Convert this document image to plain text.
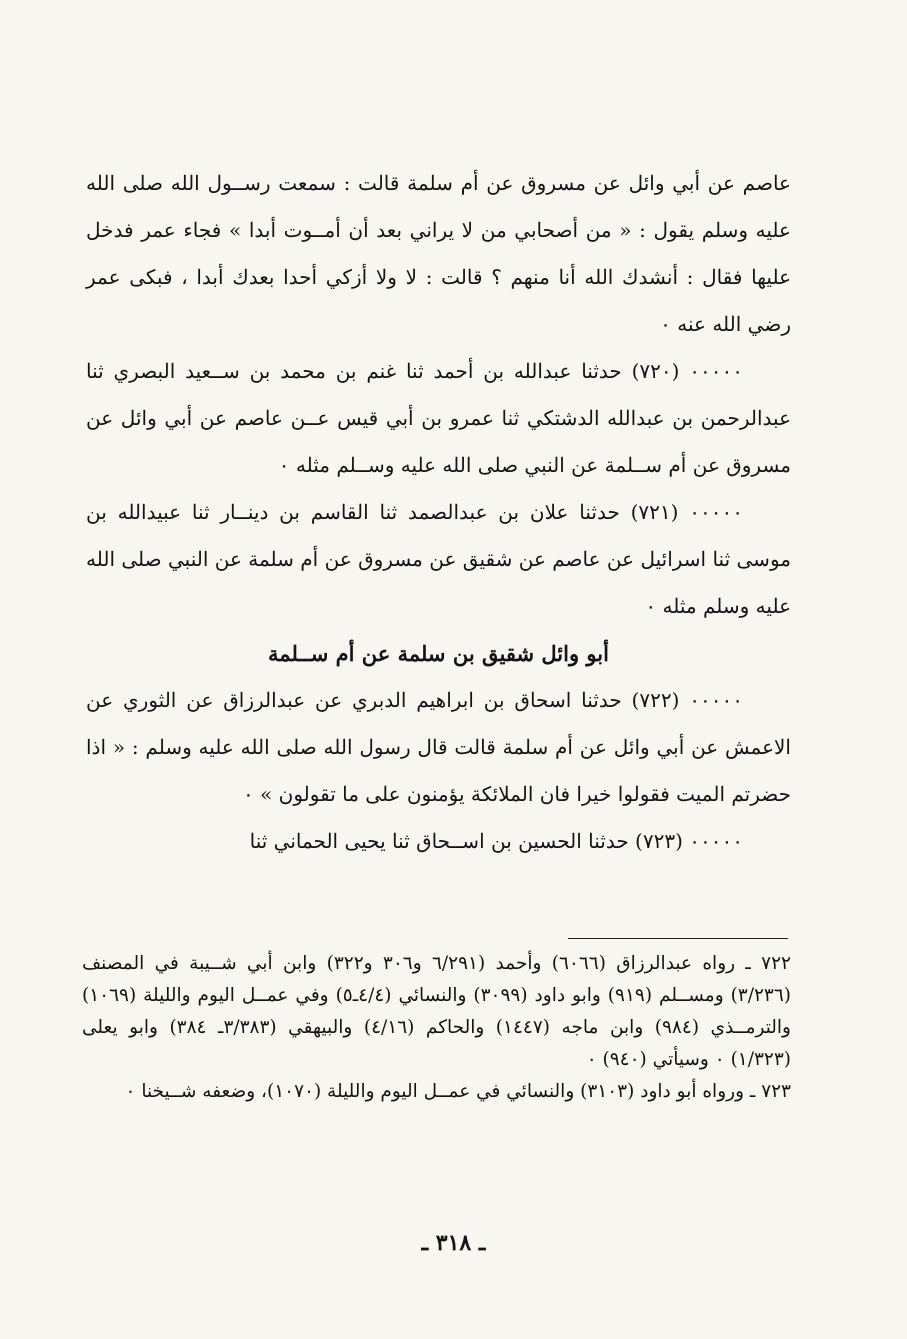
عاصم عن أبي وائل عن مسروق عن أم سلمة قالت : سمعت رســول الله صلى الله عليه وسلم يقول : « من أصحابي من لا يراني بعد أن أمــوت أبدا » فجاء عمر فدخل عليها فقال : أنشدك الله أنا منهم ؟ قالت : لا ولا أزكي أحدا بعدك أبدا ، فبكى عمر رضي الله عنه ٠

٠٠٠٠٠ (٧٢٠) حدثنا عبدالله بن أحمد ثنا غنم بن محمد بن ســعيد البصري ثنا عبدالرحمن بن عبدالله الدشتكي ثنا عمرو بن أبي قيس عــن عاصم عن أبي وائل عن مسروق عن أم ســلمة عن النبي صلى الله عليه وســلم مثله ٠

٠٠٠٠٠ (٧٢١) حدثنا علان بن عبدالصمد ثنا القاسم بن دينــار ثنا عبيدالله بن موسى ثنا اسرائيل عن عاصم عن شقيق عن مسروق عن أم سلمة عن النبي صلى الله عليه وسلم مثله ٠

أبو وائل شقيق بن سلمة عن أم ســلمة

٠٠٠٠٠ (٧٢٢) حدثنا اسحاق بن ابراهيم الدبري عن عبدالرزاق عن الثوري عن الاعمش عن أبي وائل عن أم سلمة قالت قال رسول الله صلى الله عليه وسلم : « اذا حضرتم الميت فقولوا خيرا فان الملائكة يؤمنون على ما تقولون » ٠

٠٠٠٠٠ (٧٢٣) حدثنا الحسين بن اســحاق ثنا يحيى الحماني ثنا

٧٢٢ ـ رواه عبدالرزاق (٦٠٦٦) وأحمد (٦/٢٩١ و٣٠٦ و٣٢٢) وابن أبي شــيبة في المصنف (٣/٢٣٦) ومســلم (٩١٩) وابو داود (٣٠٩٩) والنسائي (٤/٤ـ٥) وفي عمــل اليوم والليلة (١٠٦٩) والترمــذي (٩٨٤) وابن ماجه (١٤٤٧) والحاكم (٤/١٦) والبيهقي (٣/٣٨٣ـ ٣٨٤) وابو يعلى (١/٣٢٣) ٠ وسيأتي (٩٤٠) ٠

٧٢٣ ـ ورواه أبو داود (٣١٠٣) والنسائي في عمــل اليوم والليلة (١٠٧٠)، وضعفه شــيخنا ٠

ـ ٣١٨ ـ
